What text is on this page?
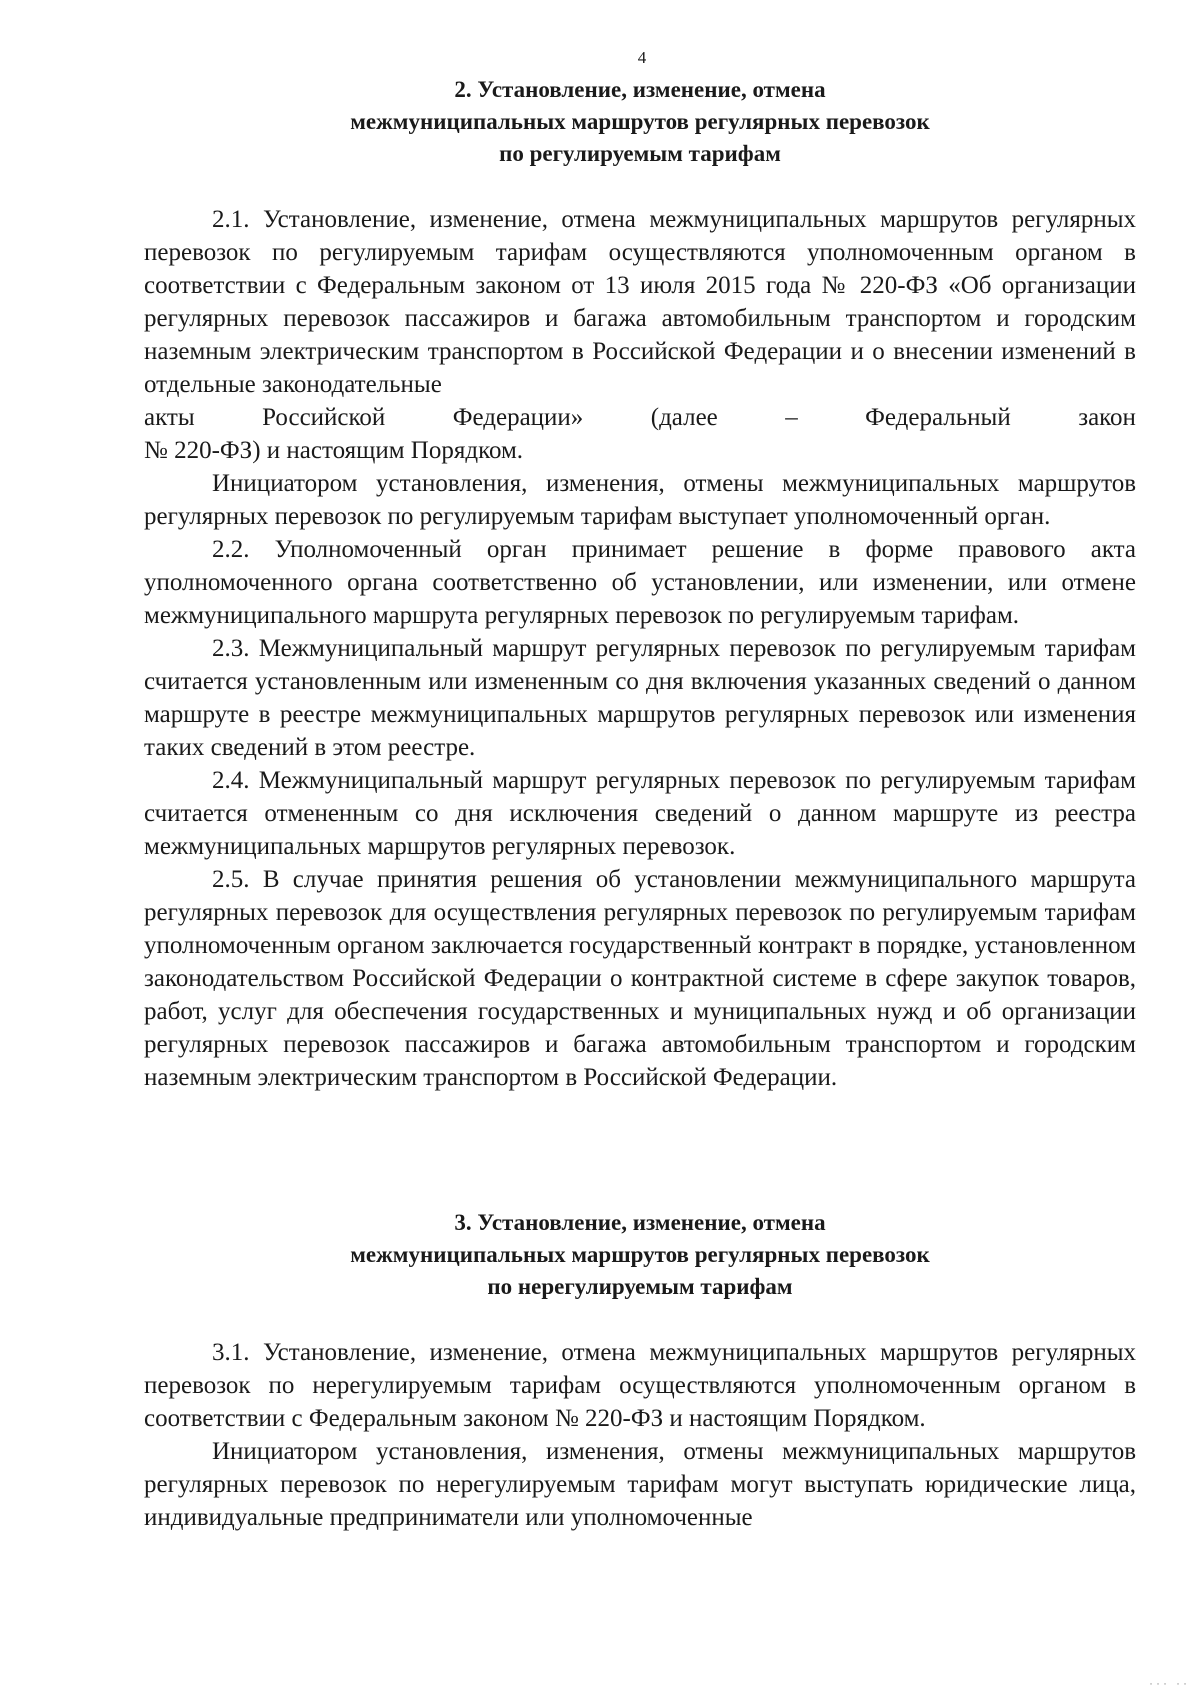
4
2. Установление, изменение, отмена
межмуниципальных маршрутов регулярных перевозок
по регулируемым тарифам

2.1. Установление, изменение, отмена межмуниципальных маршрутов регулярных перевозок по регулируемым тарифам осуществляются уполномоченным органом в соответствии с Федеральным законом от 13 июля 2015 года № 220-ФЗ «Об организации регулярных перевозок пассажиров и багажа автомобильным транспортом и городским наземным электрическим транспортом в Российской Федерации и о внесении изменений в отдельные законодательные

акты	Российской	Федерации»	(далее	–	Федеральный	закон
№ 220-ФЗ) и настоящим Порядком.

Инициатором установления, изменения, отмены межмуниципальных маршрутов регулярных перевозок по регулируемым тарифам выступает уполномоченный орган.

2.2. Уполномоченный орган принимает решение в форме правового акта уполномоченного органа соответственно об установлении, или изменении, или отмене межмуниципального маршрута регулярных перевозок по регулируемым тарифам.

2.3. Межмуниципальный маршрут регулярных перевозок по регулируемым тарифам считается установленным или измененным со дня включения указанных сведений о данном маршруте в реестре межмуниципальных маршрутов регулярных перевозок или изменения таких сведений в этом реестре.

2.4. Межмуниципальный маршрут регулярных перевозок по регулируемым тарифам считается отмененным со дня исключения сведений о данном маршруте из реестра межмуниципальных маршрутов регулярных перевозок.

2.5. В случае принятия решения об установлении межмуниципального маршрута регулярных перевозок для осуществления регулярных перевозок по регулируемым тарифам уполномоченным органом заключается государственный контракт в порядке, установленном законодательством Российской Федерации о контрактной системе в сфере закупок товаров, работ, услуг для обеспечения государственных и муниципальных нужд и об организации регулярных перевозок пассажиров и багажа автомобильным транспортом и городским наземным электрическим транспортом в Российской Федерации.

3. Установление, изменение, отмена
межмуниципальных маршрутов регулярных перевозок
по нерегулируемым тарифам

3.1. Установление, изменение, отмена межмуниципальных маршрутов регулярных перевозок по нерегулируемым тарифам осуществляются уполномоченным органом в соответствии с Федеральным законом № 220-ФЗ и настоящим Порядком.

Инициатором установления, изменения, отмены межмуниципальных маршрутов регулярных перевозок по нерегулируемым тарифам могут выступать юридические лица, индивидуальные предприниматели или уполномоченные

˙˙˙ ˙˙
